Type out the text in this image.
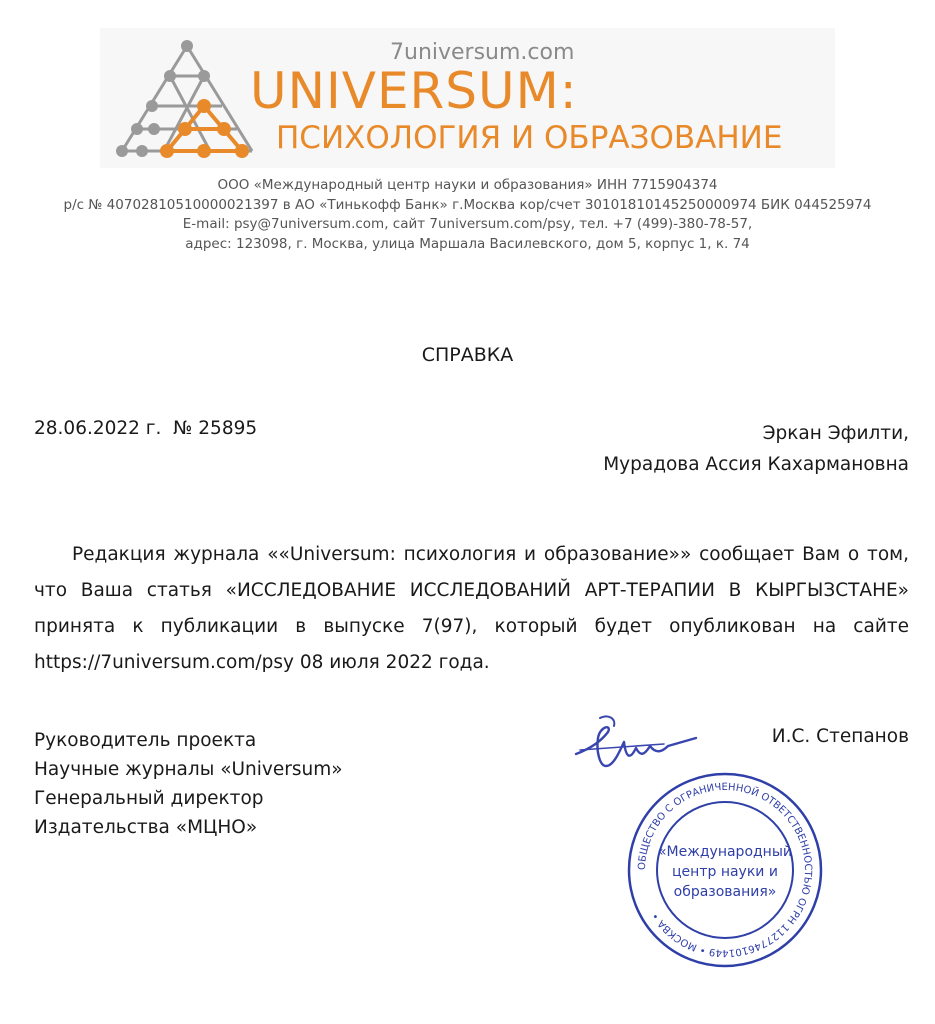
7universum.com
UNIVERSUM:
ПСИХОЛОГИЯ И ОБРАЗОВАНИЕ
ООО «Международный центр науки и образования» ИНН 7715904374
р/с № 40702810510000021397 в АО «Тинькофф Банк» г.Москва кор/счет 30101810145250000974 БИК 044525974
E-mail: psy@7universum.com, сайт 7universum.com/psy, тел. +7 (499)-380-78-57,
адрес: 123098, г. Москва, улица Маршала Василевского, дом 5, корпус 1, к. 74
СПРАВКА
28.06.2022 г.  № 25895	Эркан Эфилти,
Мурадова Ассия Кахармановна
Редакция журнала ««Universum: психология и образование»» сообщает Вам о том, что Ваша статья «ИССЛЕДОВАНИЕ ИССЛЕДОВАНИЙ АРТ-ТЕРАПИИ В КЫРГЫЗСТАНЕ» принята к публикации в выпуске 7(97), который будет опубликован на сайте https://7universum.com/psy 08 июля 2022 года.
Руководитель проекта
Научные журналы «Universum»
Генеральный директор
Издательства «МЦНО»
И.С. Степанов
ОБЩЕСТВО С ОГРАНИЧЕННОЙ ОТВЕТСТВЕННОСТЬЮ ОГРН 1127746101449 • МОСКВА •
«Международный
центр науки и
образования»
